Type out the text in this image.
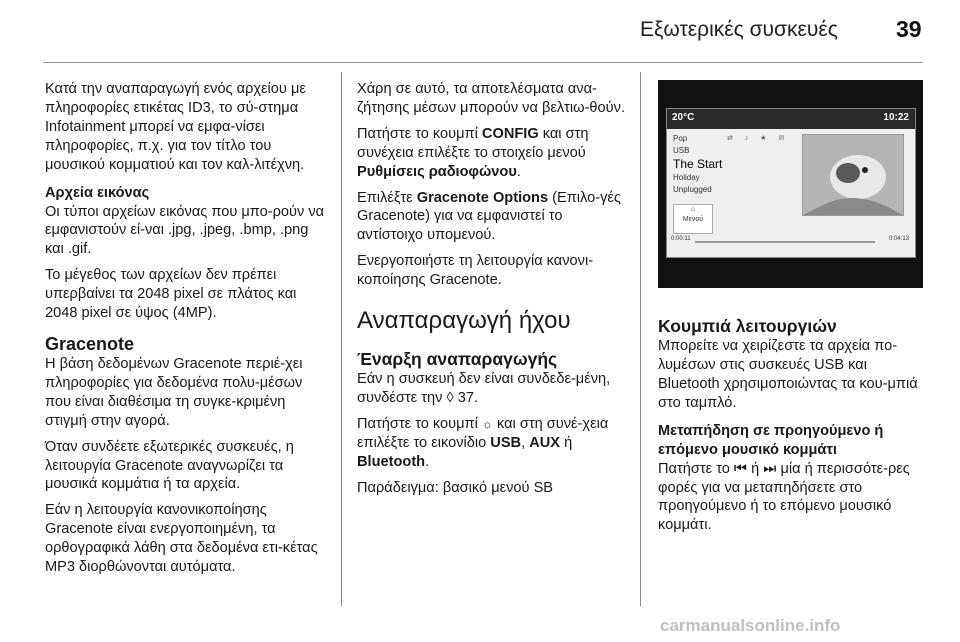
Εξωτερικές συσκευές	39

Κατά την αναπαραγωγή ενός αρχείου με πληροφορίες ετικέτας ID3, το σύ-στημα Infotainment μπορεί να εμφα-νίσει πληροφορίες, π.χ. για τον τίτλο του μουσικού κομματιού και τον καλ-λιτέχνη.

Αρχεία εικόνας

Οι τύποι αρχείων εικόνας που μπο-ρούν να εμφανιστούν εί-ναι .jpg, .jpeg, .bmp, .png και .gif.

Το μέγεθος των αρχείων δεν πρέπει υπερβαίνει τα 2048 pixel σε πλάτος και 2048 pixel σε ύψος (4MP).

Gracenote

Η βάση δεδομένων Gracenote περιέ-χει πληροφορίες για δεδομένα πολυ-μέσων που είναι διαθέσιμα τη συγκε-κριμένη στιγμή στην αγορά.

Όταν συνδέετε εξωτερικές συσκευές, η λειτουργία Gracenote αναγνωρίζει τα μουσικά κομμάτια ή τα αρχεία.

Εάν η λειτουργία κανονικοποίησης Gracenote είναι ενεργοποιημένη, τα ορθογραφικά λάθη στα δεδομένα ετι-κέτας MP3 διορθώνονται αυτόματα.

Χάρη σε αυτό, τα αποτελέσματα ανα-ζήτησης μέσων μπορούν να βελτιω-θούν.

Πατήστε το κουμπί CONFIG και στη συνέχεια επιλέξτε το στοιχείο μενού Ρυθμίσεις ραδιοφώνου.

Επιλέξτε Gracenote Options (Επιλο-γές Gracenote) για να εμφανιστεί το αντίστοιχο υπομενού.

Ενεργοποιήστε τη λειτουργία κανονι-κοποίησης Gracenote.

Αναπαραγωγή ήχου
Έναρξη αναπαραγωγής

Εάν η συσκευή δεν είναι συνδεδε-μένη, συνδέστε την ◊ 37.

Πατήστε το κουμπί ☼ και στη συνέ-χεια επιλέξτε το εικονίδιο USB, AUX ή Bluetooth.

Παράδειγμα: βασικό μενού SB

20°C	10:22
⇄ ♪ ★ ✉
Pop
USB
The Start
Holiday
Unplugged
⌂
Μενού
0:00:11	0:04:13
Κουμπιά λειτουργιών

Μπορείτε να χειρίζεστε τα αρχεία πο-λυμέσων στις συσκευές USB και Bluetooth χρησιμοποιώντας τα κου-μπιά στο ταμπλό.

Μεταπήδηση σε προηγούμενο ή επόμενο μουσικό κομμάτι

Πατήστε το ⏮ ή ⏭ μία ή περισσότε-ρες φορές για να μεταπηδήσετε στο προηγούμενο ή το επόμενο μουσικό κομμάτι.

carmanualsonline.info
